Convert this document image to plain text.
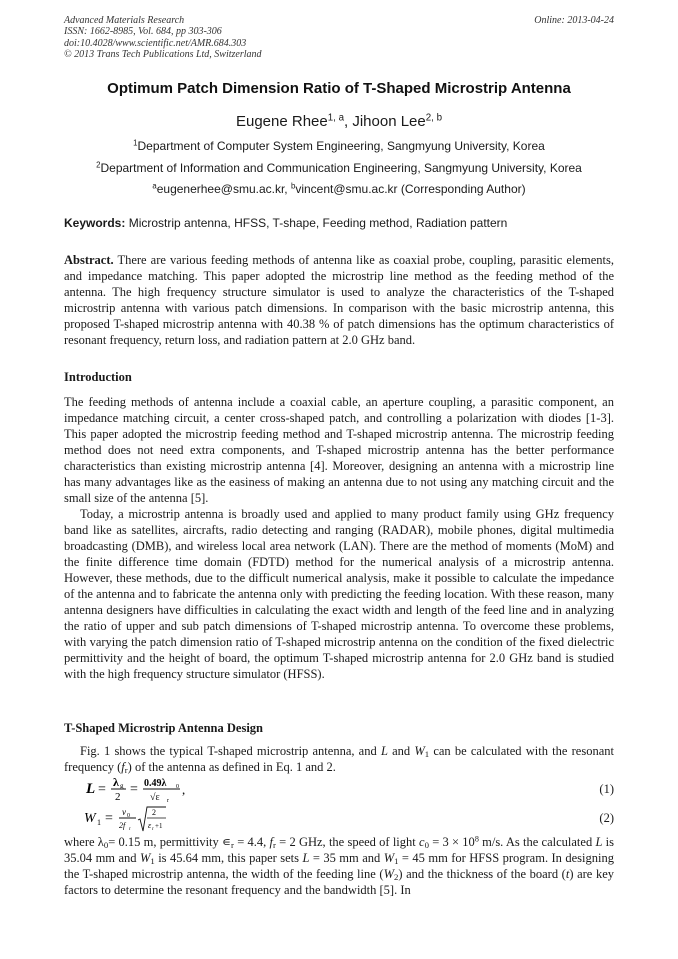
Advanced Materials Research
ISSN: 1662-8985, Vol. 684, pp 303-306
doi:10.4028/www.scientific.net/AMR.684.303
© 2013 Trans Tech Publications Ltd, Switzerland
Online: 2013-04-24
Optimum Patch Dimension Ratio of T-Shaped Microstrip Antenna
Eugene Rhee$^{1, a}$, Jihoon Lee$^{2, b}$
$^1$Department of Computer System Engineering, Sangmyung University, Korea
$^2$Department of Information and Communication Engineering, Sangmyung University, Korea
$^a$eugenerhee@smu.ac.kr, $^b$vincent@smu.ac.kr (Corresponding Author)
Keywords: Microstrip antenna, HFSS, T-shape, Feeding method, Radiation pattern
Abstract. There are various feeding methods of antenna like as coaxial probe, coupling, parasitic elements, and impedance matching. This paper adopted the microstrip line method as the feeding method of the antenna. The high frequency structure simulator is used to analyze the characteristics of the T-shaped microstrip antenna with various patch dimensions. In comparison with the basic microstrip antenna, this proposed T-shaped microstrip antenna with 40.38 % of patch dimensions has the optimum characteristics of resonant frequency, return loss, and radiation pattern at 2.0 GHz band.
Introduction
The feeding methods of antenna include a coaxial cable, an aperture coupling, a parasitic component, an impedance matching circuit, a center cross-shaped patch, and controlling a polarization with diodes [1-3]. This paper adopted the microstrip feeding method and T-shaped microstrip antenna. The microstrip feeding method does not need extra components, and T-shaped microstrip antenna has the better performance characteristics than existing microstrip antenna [4]. Moreover, designing an antenna with a microstrip line has many advantages like as the easiness of making an antenna due to not using any matching circuit and the small size of the antenna [5].
Today, a microstrip antenna is broadly used and applied to many product family using GHz frequency band like as satellites, aircrafts, radio detecting and ranging (RADAR), mobile phones, digital multimedia broadcasting (DMB), and wireless local area network (LAN). There are the method of moments (MoM) and the finite difference time domain (FDTD) method for the numerical analysis of a microstrip antenna. However, these methods, due to the difficult numerical analysis, make it possible to calculate the impedance of the antenna and to fabricate the antenna only with predicting the feeding location. With these reason, many antenna designers have difficulties in calculating the exact width and length of the feed line and in analyzing the ratio of upper and sub patch dimensions of T-shaped microstrip antenna. To overcome these problems, with varying the patch dimension ratio of T-shaped microstrip antenna on the condition of the fixed dielectric permittivity and the height of board, the optimum T-shaped microstrip antenna for 2.0 GHz band is studied with the high frequency structure simulator (HFSS).
T-Shaped Microstrip Antenna Design
Fig. 1 shows the typical T-shaped microstrip antenna, and L and $W_1$ can be calculated with the resonant frequency $(f_r)$ of the antenna as defined in Eq. 1 and 2.
L = λ g
2 = 0.49λ 0
√ε r
,	(1)
W 1 = v 0
2f r
2
ε r +1
(2)
where $\lambda_0= 0.15$ m, permittivity $∊_r = 4.4$, $f_r = 2$ GHz, the speed of light $c_0 = 3 \times 10^8$ m/s. As the calculated L is 35.04 mm and $W_1$ is 45.64 mm, this paper sets L = 35 mm and $W_1 = 45$ mm for HFSS program. In designing the T-shaped microstrip antenna, the width of the feeding line $(W_2)$ and the thickness of the board (t) are key factors to determine the resonant frequency and the bandwidth [5]. In
